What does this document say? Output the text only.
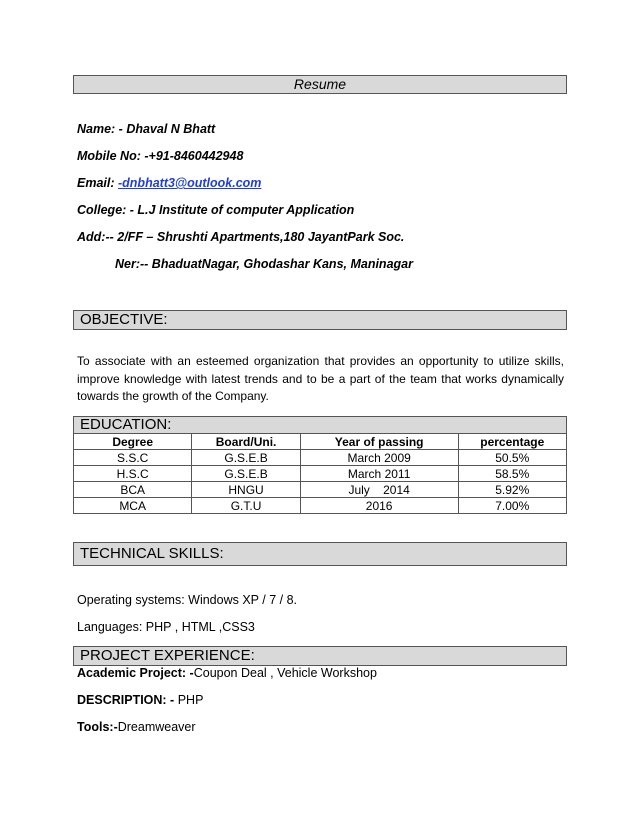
Resume
Name: - Dhaval N Bhatt
Mobile No: -+91-8460442948
Email: -dnbhatt3@outlook.com
College: - L.J Institute of computer Application
Add:-- 2/FF – Shrushti Apartments,180 JayantPark Soc.
Ner:-- BhaduatNagar, Ghodashar Kans, Maninagar
OBJECTIVE:
To associate with an esteemed organization that provides an opportunity to utilize skills, improve knowledge with latest trends and to be a part of the team that works dynamically towards the growth of the Company.
EDUCATION:
Degree	Board/Uni.	Year of passing	percentage
S.S.C	G.S.E.B	March 2009	50.5%
H.S.C	G.S.E.B	March 2011	58.5%
BCA	HNGU	July    2014	5.92%
MCA	G.T.U	2016	7.00%
TECHNICAL SKILLS:
Operating systems: Windows XP / 7 / 8.
Languages: PHP , HTML ,CSS3
PROJECT EXPERIENCE:
Academic Project: -Coupon Deal , Vehicle Workshop
DESCRIPTION: - PHP
Tools:-Dreamweaver
